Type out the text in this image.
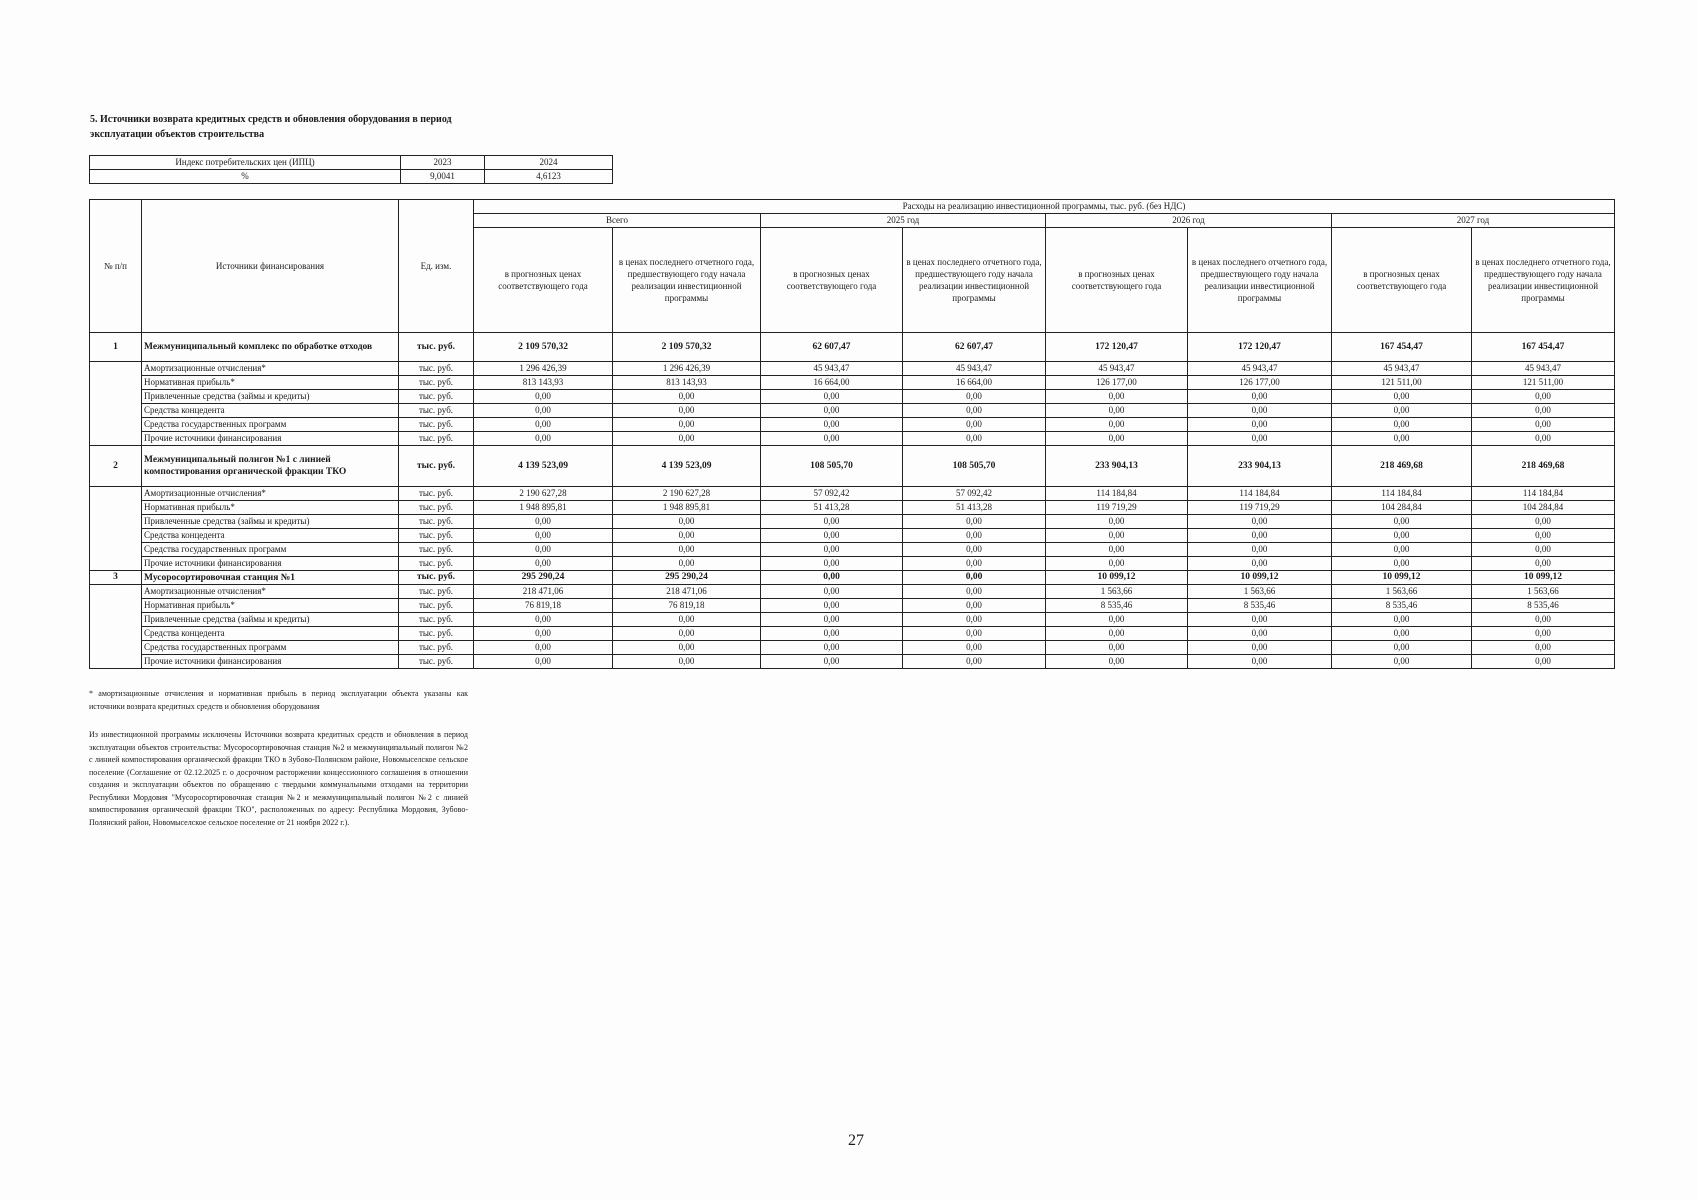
5. Источники возврата кредитных средств и обновления оборудования в период эксплуатации объектов строительства
Индекс потребительских цен (ИПЦ)	2023	2024
%	9,0041	4,6123
№ п/п	Источники финансирования	Ед. изм.	Расходы на реализацию инвестиционной программы, тыс. руб. (без НДС)							
			Всего		2025 год		2026 год		2027 год	
			в прогнозных ценах соответствующего года	в ценах последнего отчетного года, предшествующего году начала реализации инвестиционной программы	в прогнозных ценах соответствующего года	в ценах последнего отчетного года, предшествующего году начала реализации инвестиционной программы	в прогнозных ценах соответствующего года	в ценах последнего отчетного года, предшествующего году начала реализации инвестиционной программы	в прогнозных ценах соответствующего года	в ценах последнего отчетного года, предшествующего году начала реализации инвестиционной программы
1	Межмуниципальный комплекс по обработке отходов	тыс. руб.	2 109 570,32	2 109 570,32	62 607,47	62 607,47	172 120,47	172 120,47	167 454,47	167 454,47
	Амортизационные отчисления*	тыс. руб.	1 296 426,39	1 296 426,39	45 943,47	45 943,47	45 943,47	45 943,47	45 943,47	45 943,47
	Нормативная прибыль*	тыс. руб.	813 143,93	813 143,93	16 664,00	16 664,00	126 177,00	126 177,00	121 511,00	121 511,00
	Привлеченные средства (займы и кредиты)	тыс. руб.	0,00	0,00	0,00	0,00	0,00	0,00	0,00	0,00
	Средства концедента	тыс. руб.	0,00	0,00	0,00	0,00	0,00	0,00	0,00	0,00
	Средства государственных программ	тыс. руб.	0,00	0,00	0,00	0,00	0,00	0,00	0,00	0,00
	Прочие источники финансирования	тыс. руб.	0,00	0,00	0,00	0,00	0,00	0,00	0,00	0,00
2	Межмуниципальный полигон №1 с линией компостирования органической фракции ТКО	тыс. руб.	4 139 523,09	4 139 523,09	108 505,70	108 505,70	233 904,13	233 904,13	218 469,68	218 469,68
	Амортизационные отчисления*	тыс. руб.	2 190 627,28	2 190 627,28	57 092,42	57 092,42	114 184,84	114 184,84	114 184,84	114 184,84
	Нормативная прибыль*	тыс. руб.	1 948 895,81	1 948 895,81	51 413,28	51 413,28	119 719,29	119 719,29	104 284,84	104 284,84
	Привлеченные средства (займы и кредиты)	тыс. руб.	0,00	0,00	0,00	0,00	0,00	0,00	0,00	0,00
	Средства концедента	тыс. руб.	0,00	0,00	0,00	0,00	0,00	0,00	0,00	0,00
	Средства государственных программ	тыс. руб.	0,00	0,00	0,00	0,00	0,00	0,00	0,00	0,00
	Прочие источники финансирования	тыс. руб.	0,00	0,00	0,00	0,00	0,00	0,00	0,00	0,00
3	Мусоросортировочная станция №1	тыс. руб.	295 290,24	295 290,24	0,00	0,00	10 099,12	10 099,12	10 099,12	10 099,12
	Амортизационные отчисления*	тыс. руб.	218 471,06	218 471,06	0,00	0,00	1 563,66	1 563,66	1 563,66	1 563,66
	Нормативная прибыль*	тыс. руб.	76 819,18	76 819,18	0,00	0,00	8 535,46	8 535,46	8 535,46	8 535,46
	Привлеченные средства (займы и кредиты)	тыс. руб.	0,00	0,00	0,00	0,00	0,00	0,00	0,00	0,00
	Средства концедента	тыс. руб.	0,00	0,00	0,00	0,00	0,00	0,00	0,00	0,00
	Средства государственных программ	тыс. руб.	0,00	0,00	0,00	0,00	0,00	0,00	0,00	0,00
	Прочие источники финансирования	тыс. руб.	0,00	0,00	0,00	0,00	0,00	0,00	0,00	0,00

* амортизационные отчисления и нормативная прибыль в период эксплуатации объекта указаны как источники возврата кредитных средств и обновления оборудования

Из инвестиционной программы исключены Источники возврата кредитных средств и обновления в период эксплуатации объектов строительства: Мусоросортировочная станция №2 и межмуниципальный полигон №2 с линией компостирования органической фракции ТКО в Зубово-Полянском районе, Новомыселское сельское поселение (Соглашение от 02.12.2025 г. о досрочном расторжении концессионного соглашения в отношении создания и эксплуатации объектов по обращению с твердыми коммунальными отходами на территории Республики Мордовия "Мусоросортировочная станция №2 и межмуниципальный полигон №2 с линией компостирования органической фракции ТКО", расположенных по адресу: Республика Мордовия, Зубово-Полянский район, Новомыселское сельское поселение от 21 ноября 2022 г.).

27
